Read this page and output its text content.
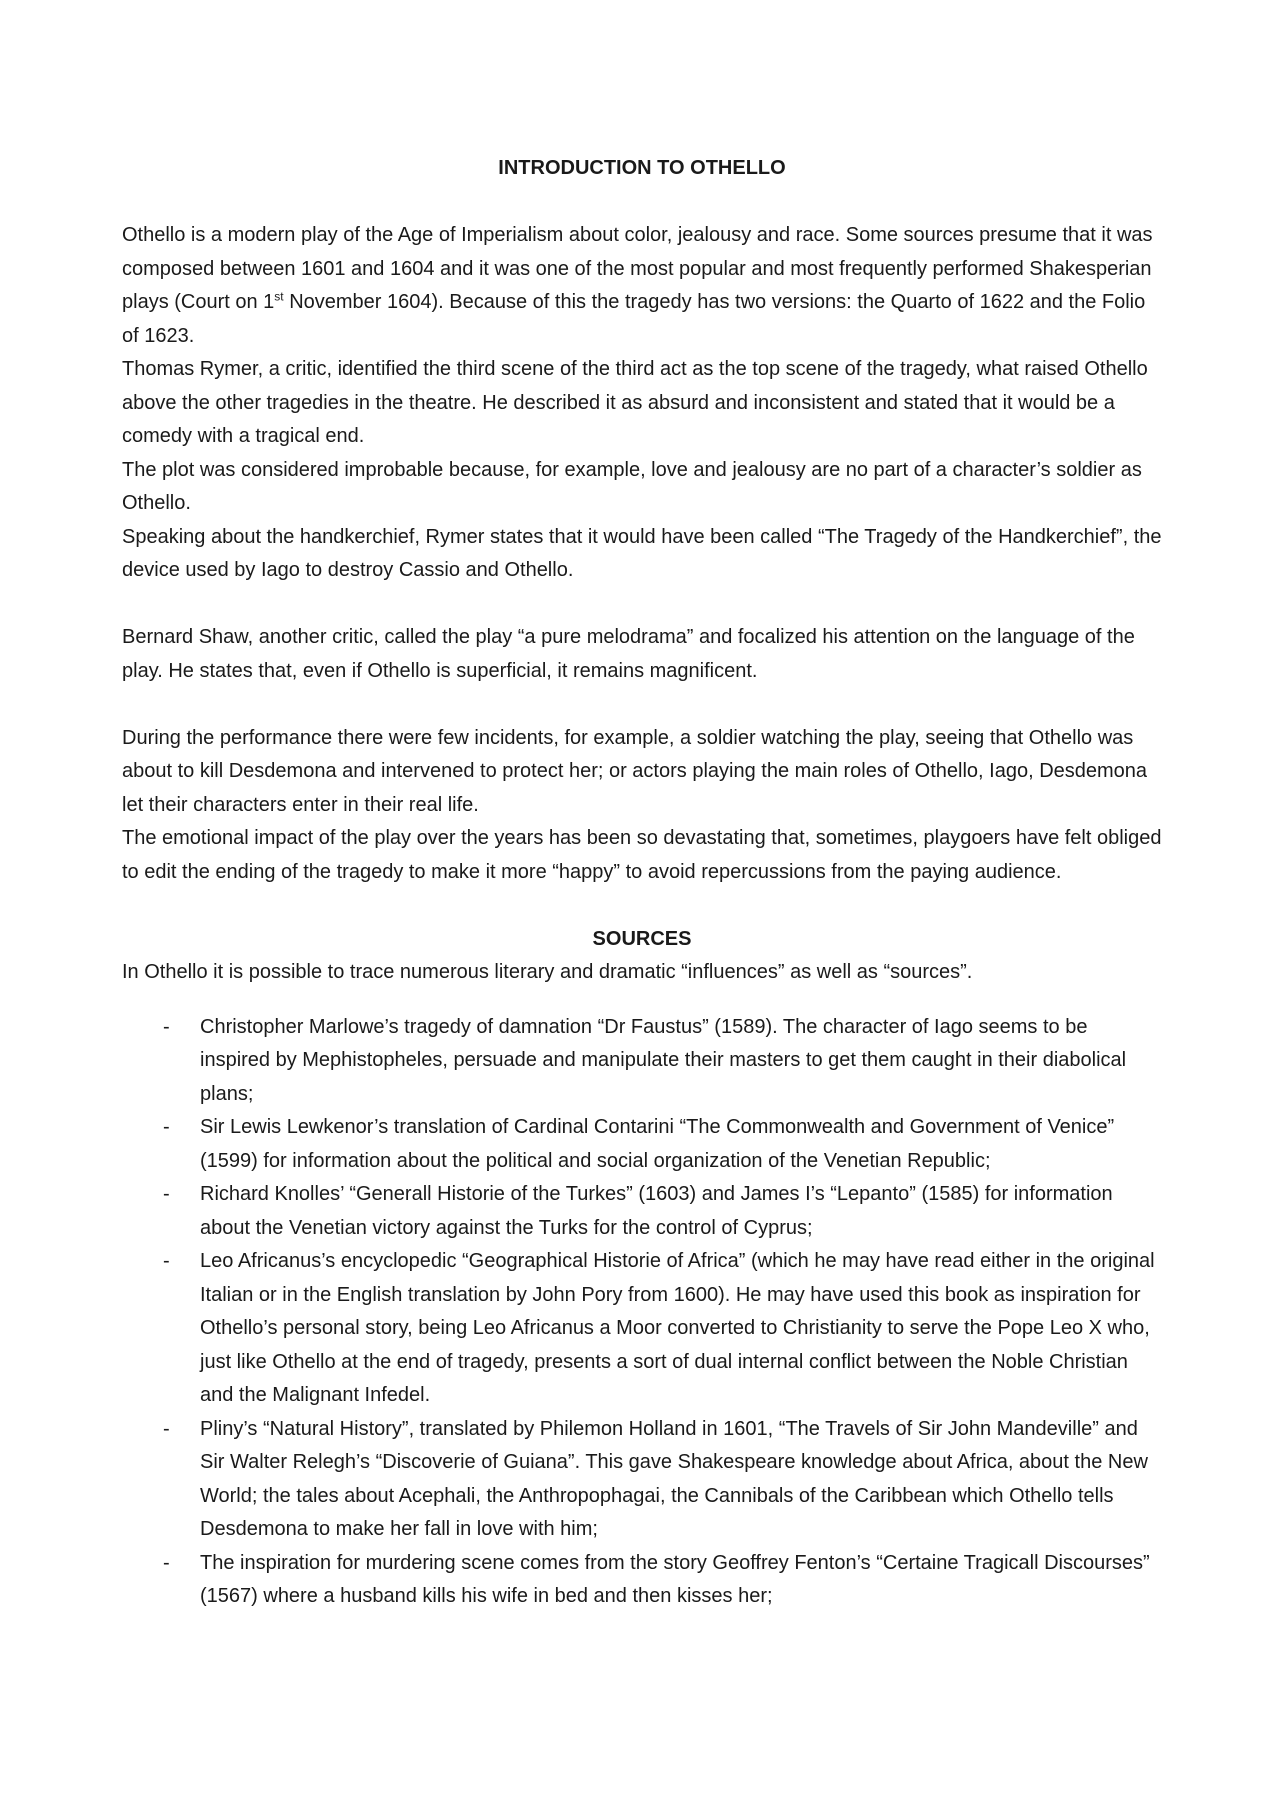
INTRODUCTION TO OTHELLO

Othello is a modern play of the Age of Imperialism about color, jealousy and race. Some sources presume that it was composed between 1601 and 1604 and it was one of the most popular and most frequently performed Shakesperian plays (Court on 1st November 1604). Because of this the tragedy has two versions: the Quarto of 1622 and the Folio of 1623.

Thomas Rymer, a critic, identified the third scene of the third act as the top scene of the tragedy, what raised Othello above the other tragedies in the theatre. He described it as absurd and inconsistent and stated that it would be a comedy with a tragical end.

The plot was considered improbable because, for example, love and jealousy are no part of a character’s soldier as Othello.

Speaking about the handkerchief, Rymer states that it would have been called “The Tragedy of the Handkerchief”, the device used by Iago to destroy Cassio and Othello.

Bernard Shaw, another critic, called the play “a pure melodrama” and focalized his attention on the language of the play. He states that, even if Othello is superficial, it remains magnificent.

During the performance there were few incidents, for example, a soldier watching the play, seeing that Othello was about to kill Desdemona and intervened to protect her; or actors playing the main roles of Othello, Iago, Desdemona let their characters enter in their real life.

The emotional impact of the play over the years has been so devastating that, sometimes, playgoers have felt obliged to edit the ending of the tragedy to make it more “happy” to avoid repercussions from the paying audience.

SOURCES

In Othello it is possible to trace numerous literary and dramatic “influences” as well as “sources”.

- Christopher Marlowe’s tragedy of damnation “Dr Faustus” (1589). The character of Iago seems to be inspired by Mephistopheles, persuade and manipulate their masters to get them caught in their diabolical plans;
- Sir Lewis Lewkenor’s translation of Cardinal Contarini “The Commonwealth and Government of Venice” (1599) for information about the political and social organization of the Venetian Republic;
- Richard Knolles’ “Generall Historie of the Turkes” (1603) and James I’s “Lepanto” (1585) for information about the Venetian victory against the Turks for the control of Cyprus;
- Leo Africanus’s encyclopedic “Geographical Historie of Africa” (which he may have read either in the original Italian or in the English translation by John Pory from 1600). He may have used this book as inspiration for Othello’s personal story, being Leo Africanus a Moor converted to Christianity to serve the Pope Leo X who, just like Othello at the end of tragedy, presents a sort of dual internal conflict between the Noble Christian and the Malignant Infedel.
- Pliny’s “Natural History”, translated by Philemon Holland in 1601, “The Travels of Sir John Mandeville” and Sir Walter Relegh’s “Discoverie of Guiana”. This gave Shakespeare knowledge about Africa, about the New World; the tales about Acephali, the Anthropophagai, the Cannibals of the Caribbean which Othello tells Desdemona to make her fall in love with him;
- The inspiration for murdering scene comes from the story Geoffrey Fenton’s “Certaine Tragicall Discourses” (1567) where a husband kills his wife in bed and then kisses her;
